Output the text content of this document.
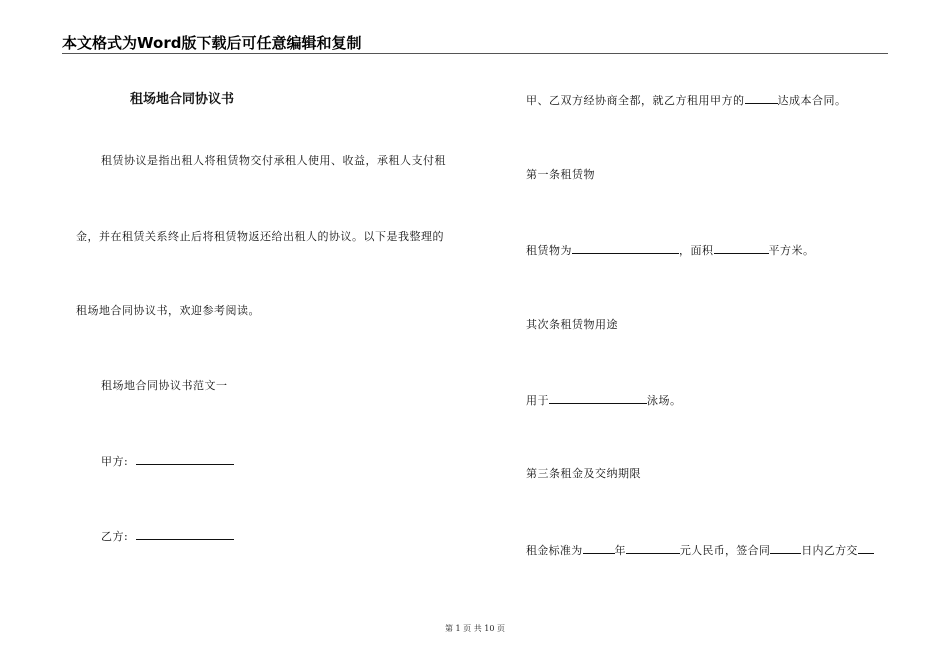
本文格式为Word版下载后可任意编辑和复制
租场地合同协议书
租赁协议是指出租人将租赁物交付承租人使用、收益，承租人支付租
金，并在租赁关系终止后将租赁物返还给出租人的协议。以下是我整理的
租场地合同协议书，欢迎参考阅读。
租场地合同协议书范文一
甲方:
乙方:
甲、乙双方经协商全都，就乙方租用甲方的	达成本合同。
第一条租赁物
租赁物为	，面积	平方米。
其次条租赁物用途
用于	泳场。
第三条租金及交纳期限
租金标准为	年	元人民币，签合同	日内乙方交
第 1 页 共 10 页
